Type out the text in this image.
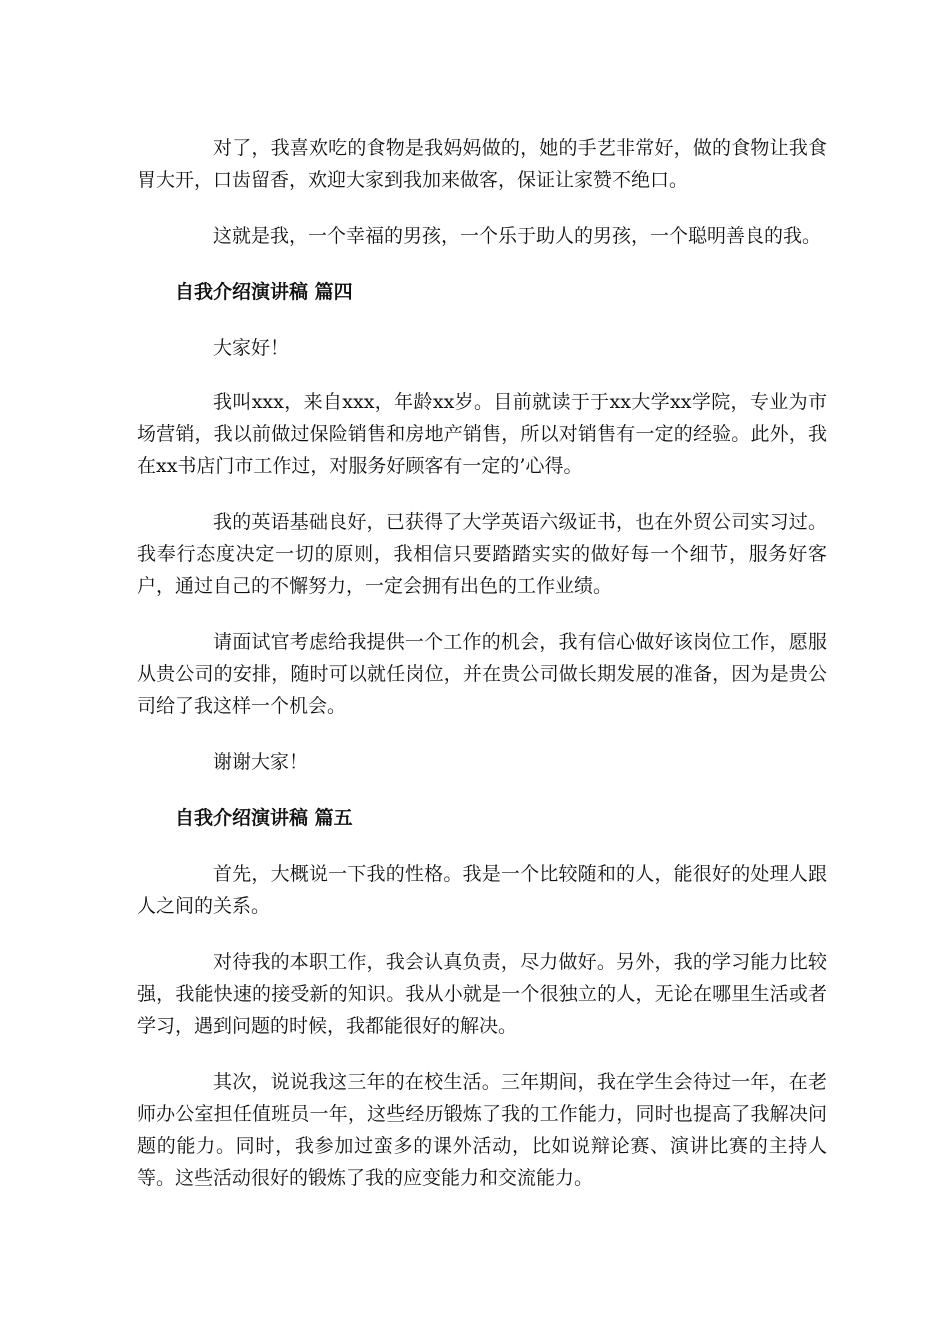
对了，我喜欢吃的食物是我妈妈做的，她的手艺非常好，做的食物让我食胃大开，口齿留香，欢迎大家到我加来做客，保证让家赞不绝口。

这就是我，一个幸福的男孩，一个乐于助人的男孩，一个聪明善良的我。

自我介绍演讲稿 篇四

大家好！

我叫xxx，来自xxx，年龄xx岁。目前就读于于xx大学xx学院，专业为市场营销，我以前做过保险销售和房地产销售，所以对销售有一定的经验。此外，我在xx书店门市工作过，对服务好顾客有一定的’心得。

我的英语基础良好，已获得了大学英语六级证书，也在外贸公司实习过。我奉行态度决定一切的原则，我相信只要踏踏实实的做好每一个细节，服务好客户，通过自己的不懈努力，一定会拥有出色的工作业绩。

请面试官考虑给我提供一个工作的机会，我有信心做好该岗位工作，愿服从贵公司的安排，随时可以就任岗位，并在贵公司做长期发展的准备，因为是贵公司给了我这样一个机会。

谢谢大家！

自我介绍演讲稿 篇五

首先，大概说一下我的性格。我是一个比较随和的人，能很好的处理人跟人之间的关系。

对待我的本职工作，我会认真负责，尽力做好。另外，我的学习能力比较强，我能快速的接受新的知识。我从小就是一个很独立的人，无论在哪里生活或者学习，遇到问题的时候，我都能很好的解决。

其次，说说我这三年的在校生活。三年期间，我在学生会待过一年，在老师办公室担任值班员一年，这些经历锻炼了我的工作能力，同时也提高了我解决问题的能力。同时，我参加过蛮多的课外活动，比如说辩论赛、演讲比赛的主持人等。这些活动很好的锻炼了我的应变能力和交流能力。
